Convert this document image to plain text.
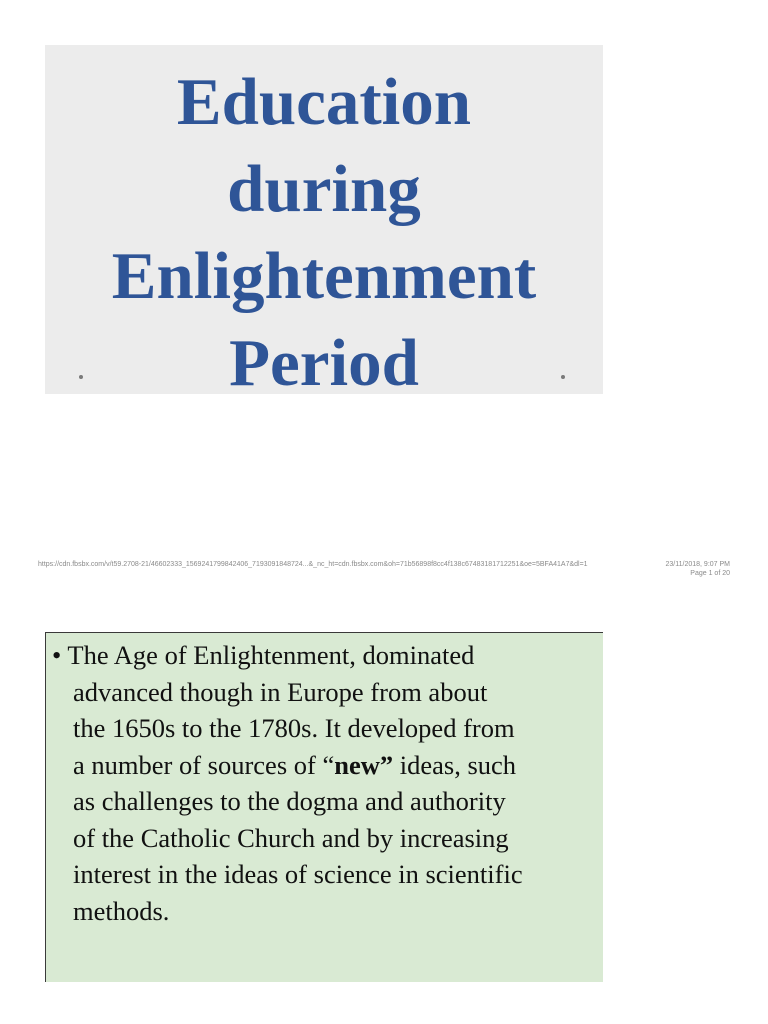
Education
during
Enlightenment
Period
https://cdn.fbsbx.com/v/t59.2708-21/46602333_1569241799842406_7193091848724...&_nc_ht=cdn.fbsbx.com&oh=71b56898f8cc4f138c67483181712251&oe=5BFA41A7&dl=1	23/11/2018, 9:07 PM
Page 1 of 20

• The Age of Enlightenment, dominated
advanced though in Europe from about
the 1650s to the 1780s. It developed from
a number of sources of “new” ideas, such
as challenges to the dogma and authority
of the Catholic Church and by increasing
interest in the ideas of science in scientific
methods.
